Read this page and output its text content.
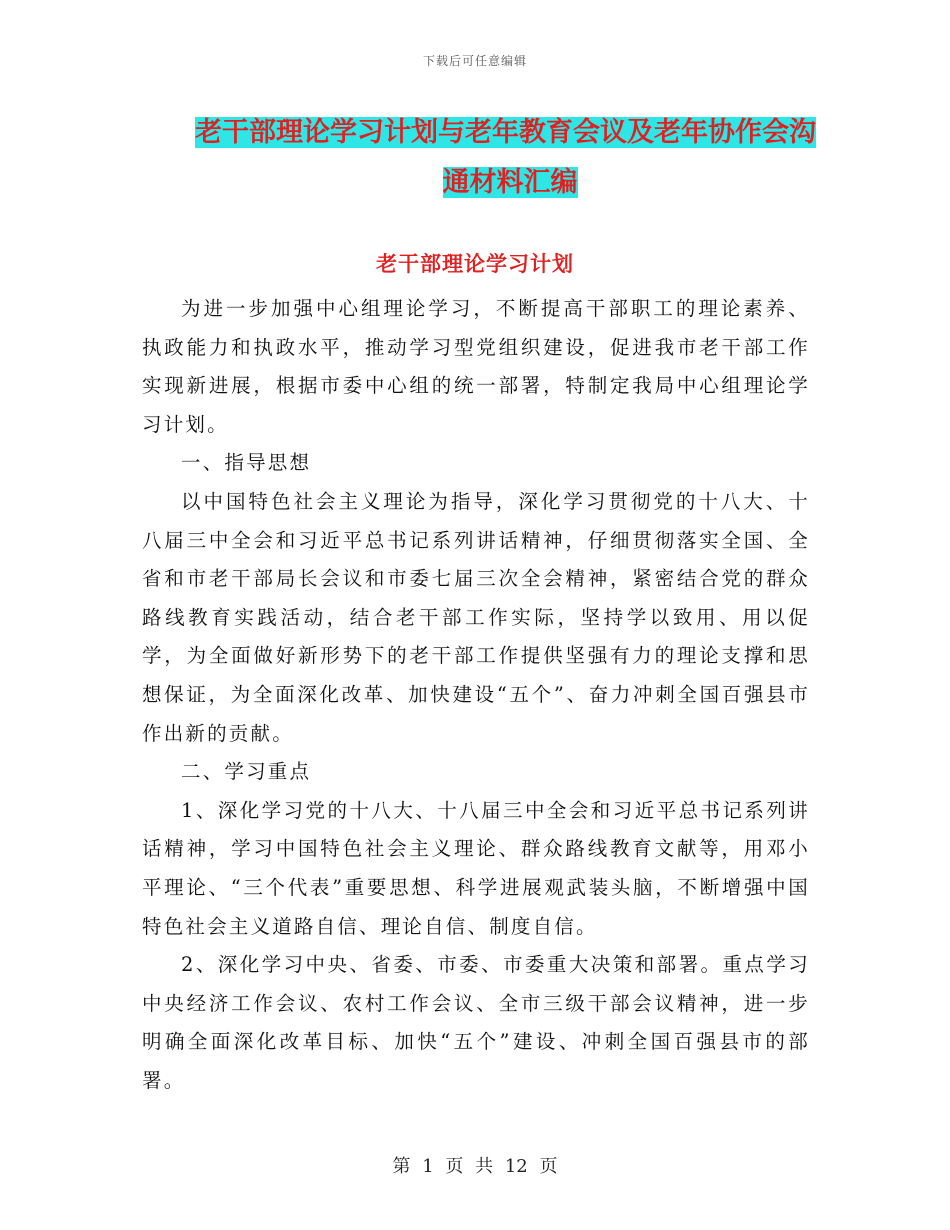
下载后可任意编辑
老干部理论学习计划与老年教育会议及老年协作会沟
通材料汇编
老干部理论学习计划

为进一步加强中心组理论学习，不断提高干部职工的理论素养、执政能力和执政水平，推动学习型党组织建设，促进我市老干部工作实现新进展，根据市委中心组的统一部署，特制定我局中心组理论学习计划。

一、指导思想

以中国特色社会主义理论为指导，深化学习贯彻党的十八大、十八届三中全会和习近平总书记系列讲话精神，仔细贯彻落实全国、全省和市老干部局长会议和市委七届三次全会精神，紧密结合党的群众路线教育实践活动，结合老干部工作实际，坚持学以致用、用以促学，为全面做好新形势下的老干部工作提供坚强有力的理论支撑和思想保证，为全面深化改革、加快建设“五个”、奋力冲刺全国百强县市作出新的贡献。

二、学习重点

1、深化学习党的十八大、十八届三中全会和习近平总书记系列讲话精神，学习中国特色社会主义理论、群众路线教育文献等，用邓小平理论、“三个代表”重要思想、科学进展观武装头脑，不断增强中国特色社会主义道路自信、理论自信、制度自信。

2、深化学习中央、省委、市委、市委重大决策和部署。重点学习中央经济工作会议、农村工作会议、全市三级干部会议精神，进一步明确全面深化改革目标、加快“五个”建设、冲刺全国百强县市的部署。

第 1 页 共 12 页
